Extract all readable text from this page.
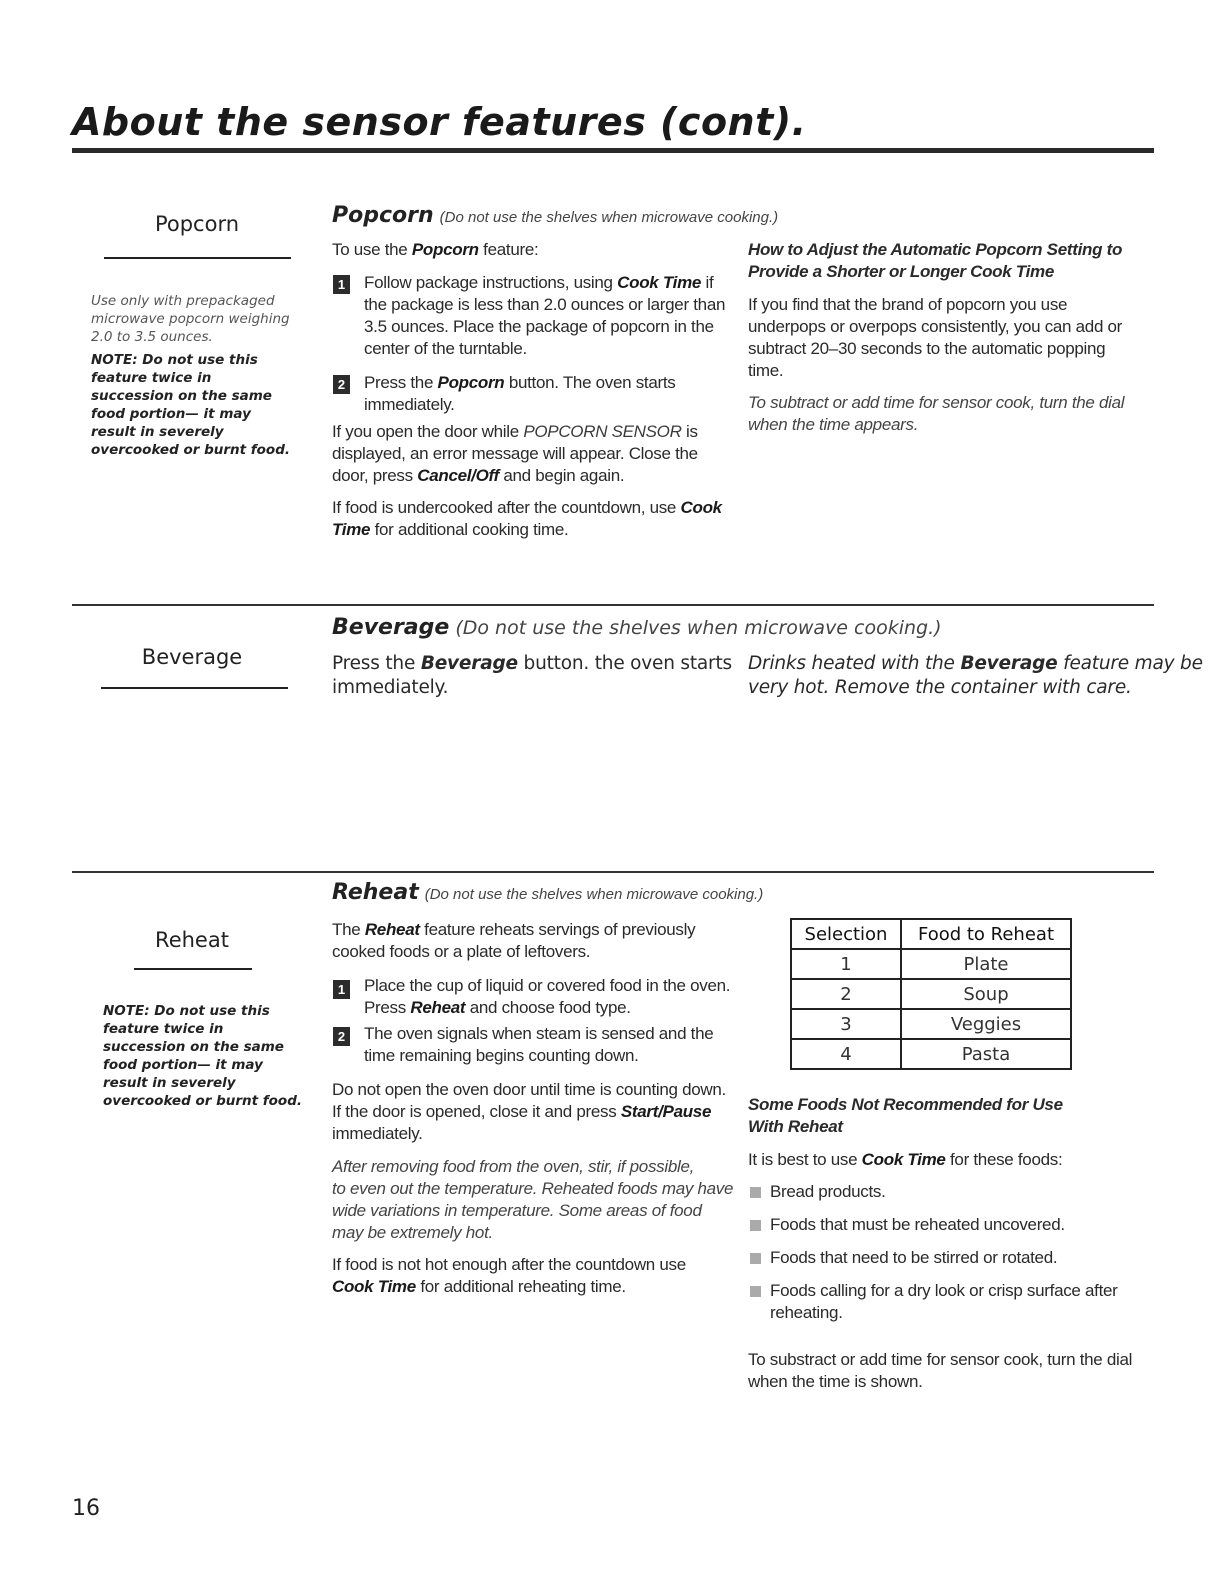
About the sensor features (cont).
Popcorn
Use only with prepackaged microwave popcorn weighing 2.0 to 3.5 ounces.
NOTE: Do not use this feature twice in succession on the same food portion— it may result in severely overcooked or burnt food.
Popcorn (Do not use the shelves when microwave cooking.)
To use the Popcorn feature:
1 Follow package instructions, using Cook Time if
the package is less than 2.0 ounces or larger than
3.5 ounces. Place the package of popcorn in the
center of the turntable.
2 Press the Popcorn button. The oven starts
immediately.
If you open the door while POPCORN SENSOR is
displayed, an error message will appear. Close the
door, press Cancel/Off and begin again.
If food is undercooked after the countdown, use Cook
Time for additional cooking time.
How to Adjust the Automatic Popcorn Setting to
Provide a Shorter or Longer Cook Time
If you find that the brand of popcorn you use
underpops or overpops consistently, you can add or
subtract 20–30 seconds to the automatic popping
time.
To subtract or add time for sensor cook, turn the dial
when the time appears.
Beverage
Beverage (Do not use the shelves when microwave cooking.)
Press the Beverage button. the oven starts
immediately.
Drinks heated with the Beverage feature may be
very hot. Remove the container with care.
Reheat
NOTE: Do not use this feature twice in succession on the same food portion— it may result in severely overcooked or burnt food.
Reheat (Do not use the shelves when microwave cooking.)
The Reheat feature reheats servings of previously
cooked foods or a plate of leftovers.
1 Place the cup of liquid or covered food in the oven.
Press Reheat and choose food type.
2 The oven signals when steam is sensed and the
time remaining begins counting down.
Do not open the oven door until time is counting down.
If the door is opened, close it and press Start/Pause
immediately.
After removing food from the oven, stir, if possible,
to even out the temperature. Reheated foods may have
wide variations in temperature. Some areas of food
may be extremely hot.
If food is not hot enough after the countdown use
Cook Time for additional reheating time.
Selection	Food to Reheat
1	Plate
2	Soup
3	Veggies
4	Pasta
Some Foods Not Recommended for Use
With Reheat
It is best to use Cook Time for these foods:
Bread products.
Foods that must be reheated uncovered.
Foods that need to be stirred or rotated.
Foods calling for a dry look or crisp surface after
reheating.
To substract or add time for sensor cook, turn the dial
when the time is shown.
16
